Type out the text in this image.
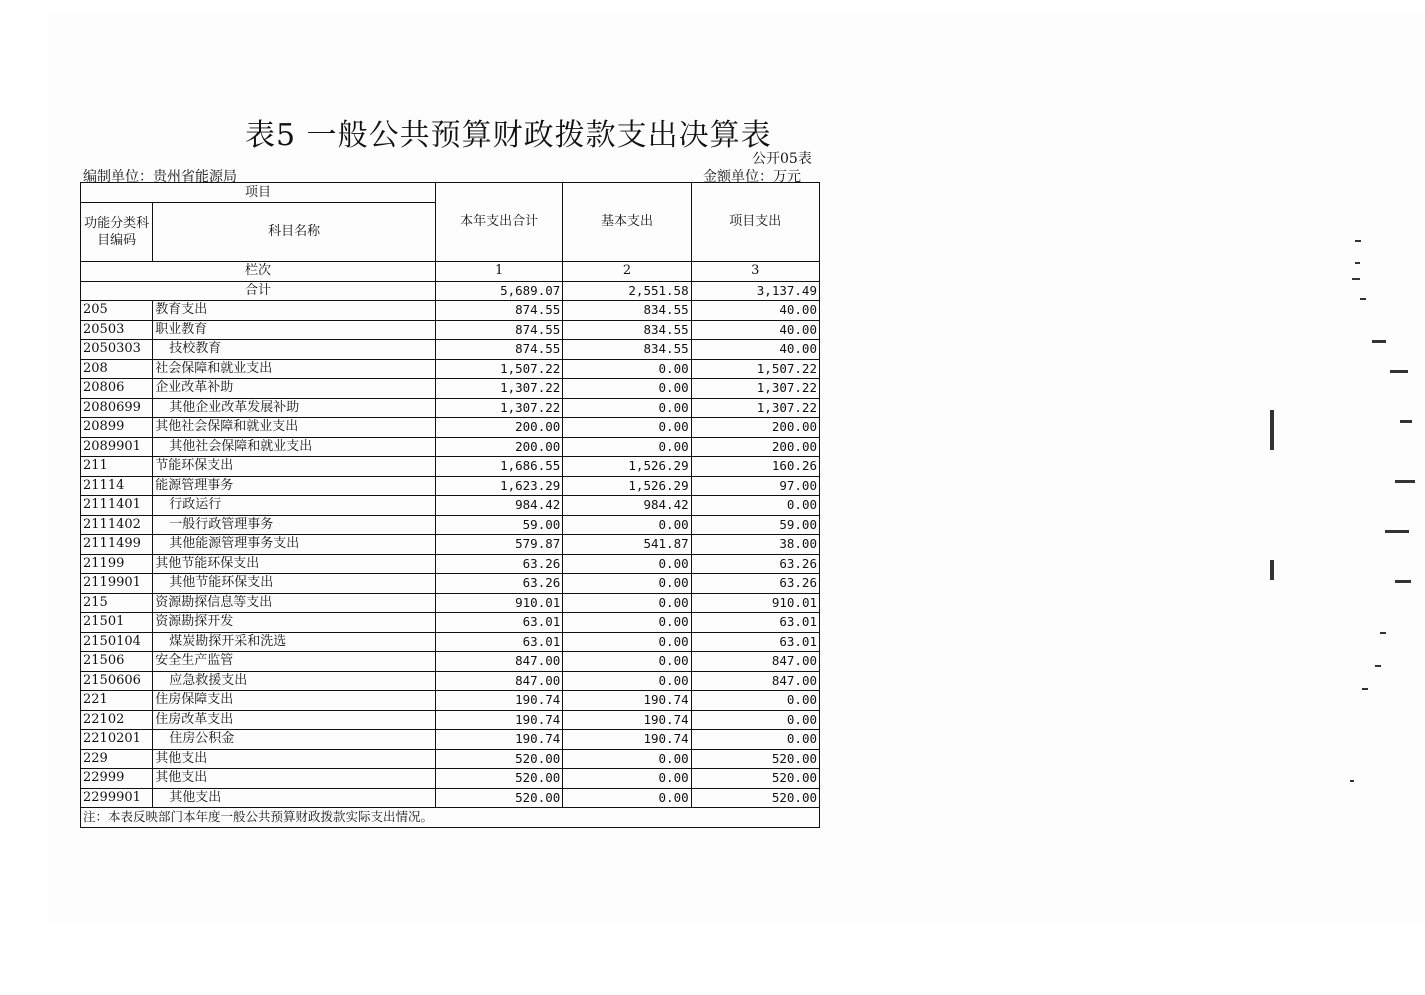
表5 一般公共预算财政拨款支出决算表
公开05表
编制单位：贵州省能源局	金额单位：万元
项目		本年支出合计	基本支出	项目支出
功能分类科目编码	科目名称			
栏次		1	2	3
合计		5,689.07	2,551.58	3,137.49
205	教育支出	874.55	834.55	40.00
20503	职业教育	874.55	834.55	40.00
2050303	技校教育	874.55	834.55	40.00
208	社会保障和就业支出	1,507.22	0.00	1,507.22
20806	企业改革补助	1,307.22	0.00	1,307.22
2080699	其他企业改革发展补助	1,307.22	0.00	1,307.22
20899	其他社会保障和就业支出	200.00	0.00	200.00
2089901	其他社会保障和就业支出	200.00	0.00	200.00
211	节能环保支出	1,686.55	1,526.29	160.26
21114	能源管理事务	1,623.29	1,526.29	97.00
2111401	行政运行	984.42	984.42	0.00
2111402	一般行政管理事务	59.00	0.00	59.00
2111499	其他能源管理事务支出	579.87	541.87	38.00
21199	其他节能环保支出	63.26	0.00	63.26
2119901	其他节能环保支出	63.26	0.00	63.26
215	资源勘探信息等支出	910.01	0.00	910.01
21501	资源勘探开发	63.01	0.00	63.01
2150104	煤炭勘探开采和洗选	63.01	0.00	63.01
21506	安全生产监管	847.00	0.00	847.00
2150606	应急救援支出	847.00	0.00	847.00
221	住房保障支出	190.74	190.74	0.00
22102	住房改革支出	190.74	190.74	0.00
2210201	住房公积金	190.74	190.74	0.00
229	其他支出	520.00	0.00	520.00
22999	其他支出	520.00	0.00	520.00
2299901	其他支出	520.00	0.00	520.00
注：本表反映部门本年度一般公共预算财政拨款实际支出情况。				
